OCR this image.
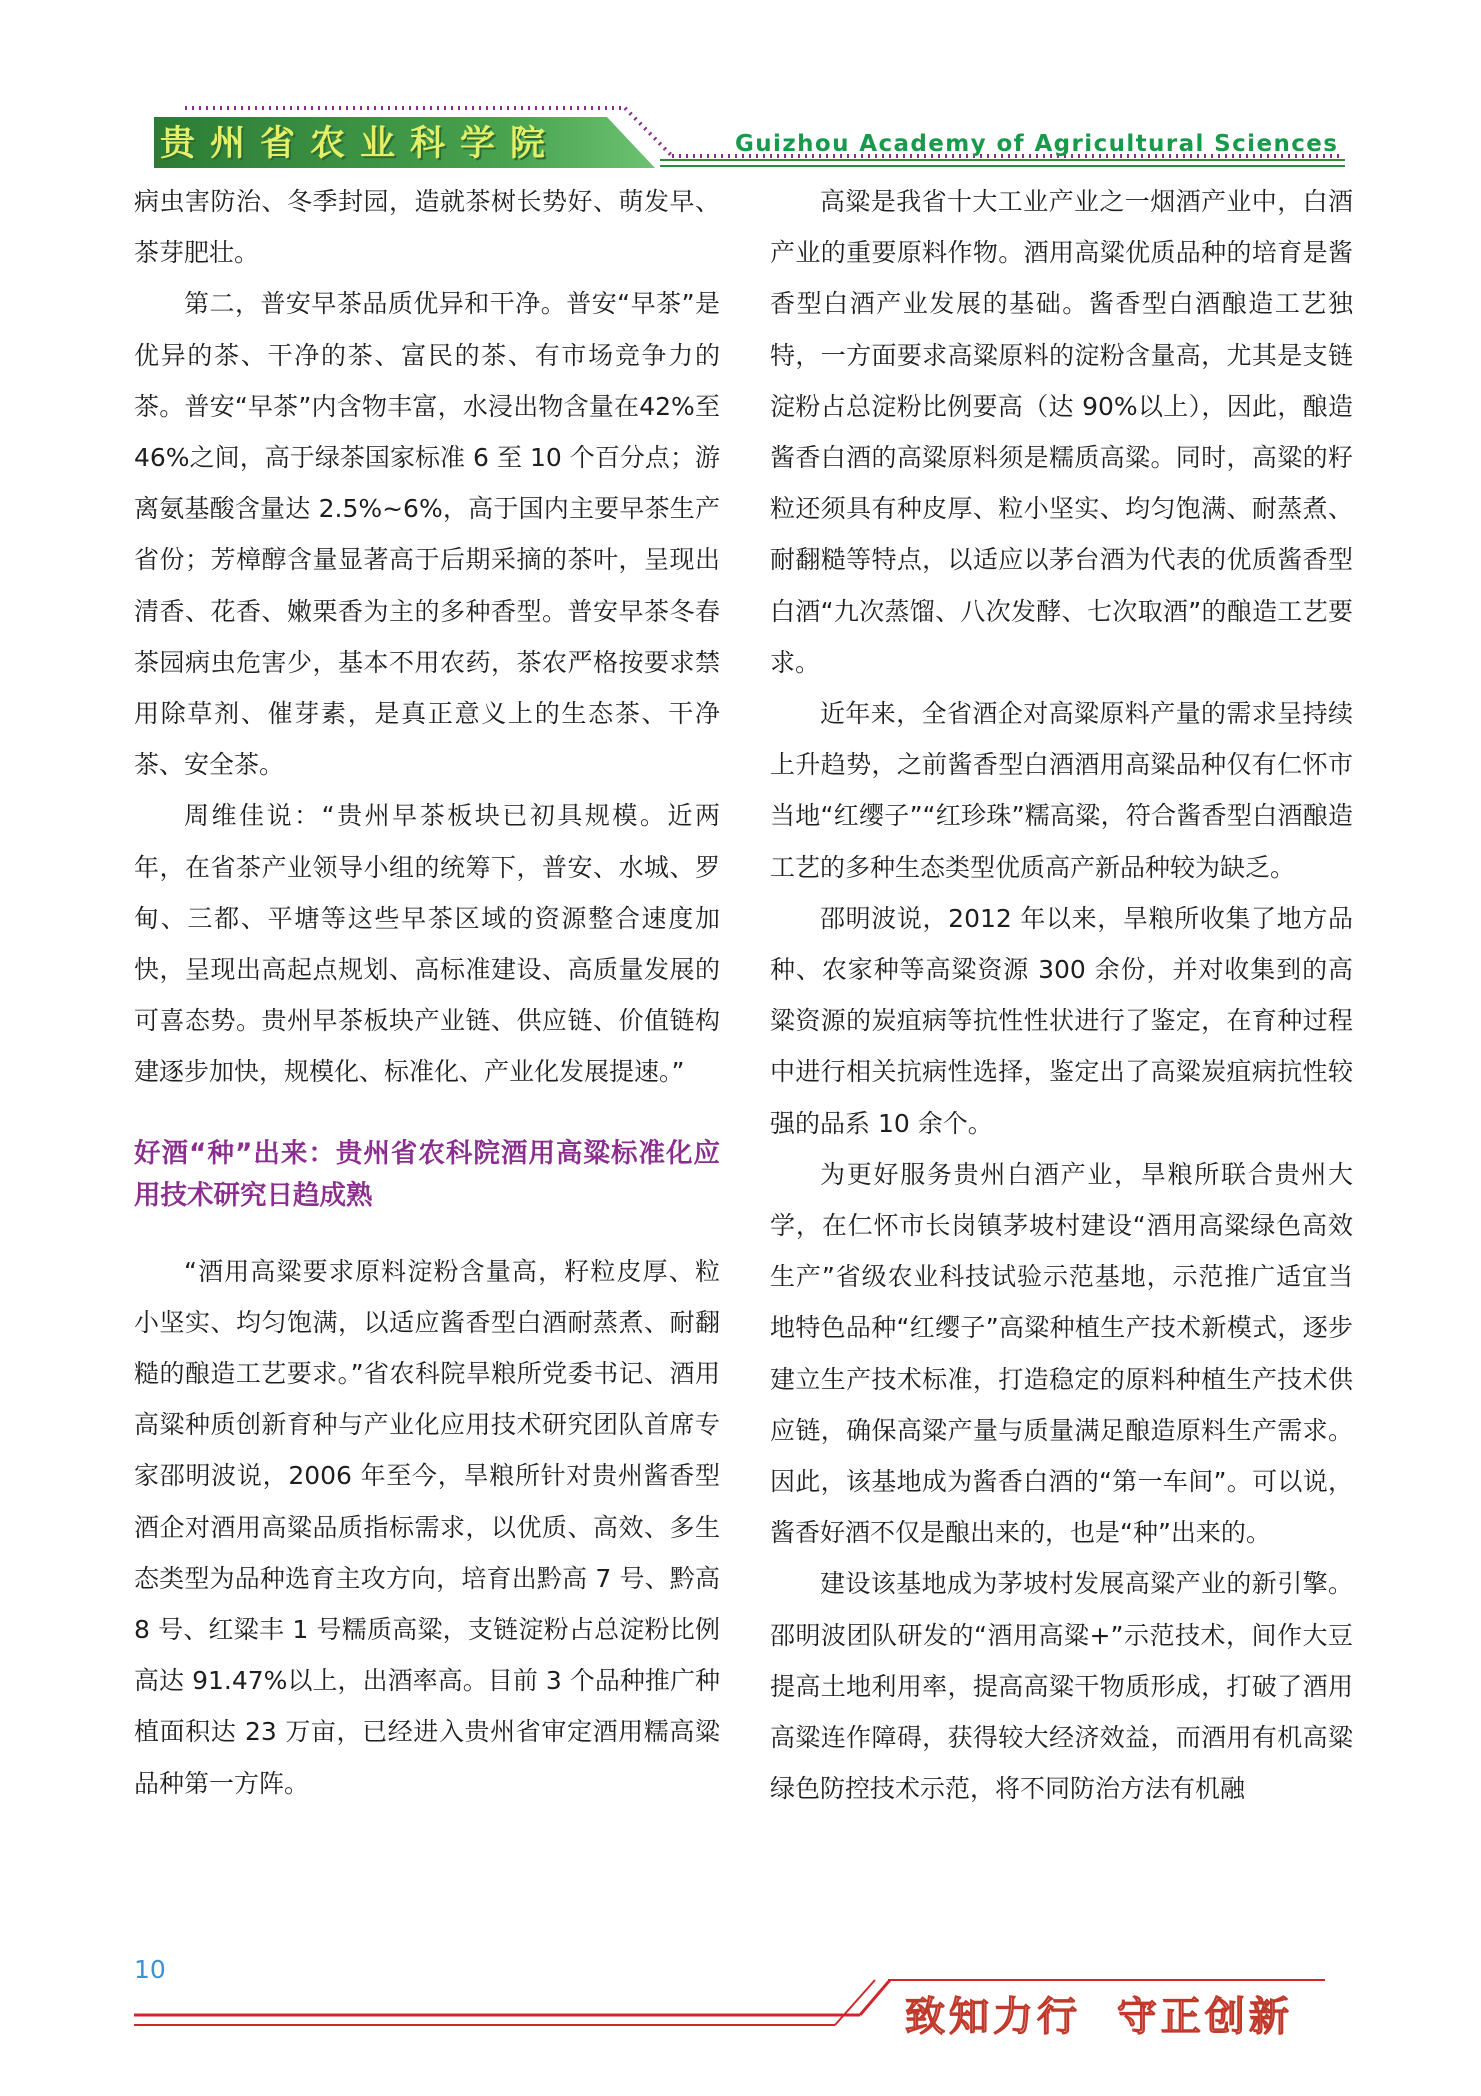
贵州省农业科学院	Guizhou Academy of Agricultural Sciences

病虫害防治、冬季封园，造就茶树长势好、萌发早、茶芽肥壮。

第二，普安早茶品质优异和干净。普安“早茶”是优异的茶、干净的茶、富民的茶、有市场竞争力的茶。普安“早茶”内含物丰富，水浸出物含量在42%至 46%之间，高于绿茶国家标准 6 至 10 个百分点；游离氨基酸含量达 2.5%~6%，高于国内主要早茶生产省份；芳樟醇含量显著高于后期采摘的茶叶，呈现出清香、花香、嫩栗香为主的多种香型。普安早茶冬春茶园病虫危害少，基本不用农药，茶农严格按要求禁用除草剂、催芽素，是真正意义上的生态茶、干净茶、安全茶。

周维佳说：“贵州早茶板块已初具规模。近两年，在省茶产业领导小组的统筹下，普安、水城、罗甸、三都、平塘等这些早茶区域的资源整合速度加快，呈现出高起点规划、高标准建设、高质量发展的可喜态势。贵州早茶板块产业链、供应链、价值链构建逐步加快，规模化、标准化、产业化发展提速。”

好酒“种”出来：贵州省农科院酒用高粱标准化应用技术研究日趋成熟

“酒用高粱要求原料淀粉含量高，籽粒皮厚、粒小坚实、均匀饱满，以适应酱香型白酒耐蒸煮、耐翻糙的酿造工艺要求。”省农科院旱粮所党委书记、酒用高粱种质创新育种与产业化应用技术研究团队首席专家邵明波说，2006 年至今，旱粮所针对贵州酱香型酒企对酒用高粱品质指标需求，以优质、高效、多生态类型为品种选育主攻方向，培育出黔高 7 号、黔高 8 号、红粱丰 1 号糯质高粱，支链淀粉占总淀粉比例高达 91.47%以上，出酒率高。目前 3 个品种推广种植面积达 23 万亩，已经进入贵州省审定酒用糯高粱品种第一方阵。

高粱是我省十大工业产业之一烟酒产业中，白酒产业的重要原料作物。酒用高粱优质品种的培育是酱香型白酒产业发展的基础。酱香型白酒酿造工艺独特，一方面要求高粱原料的淀粉含量高，尤其是支链淀粉占总淀粉比例要高（达 90%以上），因此，酿造酱香白酒的高粱原料须是糯质高粱。同时，高粱的籽粒还须具有种皮厚、粒小坚实、均匀饱满、耐蒸煮、耐翻糙等特点，以适应以茅台酒为代表的优质酱香型白酒“九次蒸馏、八次发酵、七次取酒”的酿造工艺要求。

近年来，全省酒企对高粱原料产量的需求呈持续上升趋势，之前酱香型白酒酒用高粱品种仅有仁怀市当地“红缨子”“红珍珠”糯高粱，符合酱香型白酒酿造工艺的多种生态类型优质高产新品种较为缺乏。

邵明波说，2012 年以来，旱粮所收集了地方品种、农家种等高粱资源 300 余份，并对收集到的高粱资源的炭疽病等抗性性状进行了鉴定，在育种过程中进行相关抗病性选择，鉴定出了高粱炭疽病抗性较强的品系 10 余个。

为更好服务贵州白酒产业，旱粮所联合贵州大学，在仁怀市长岗镇茅坡村建设“酒用高粱绿色高效生产”省级农业科技试验示范基地，示范推广适宜当地特色品种“红缨子”高粱种植生产技术新模式，逐步建立生产技术标准，打造稳定的原料种植生产技术供应链，确保高粱产量与质量满足酿造原料生产需求。因此，该基地成为酱香白酒的“第一车间”。可以说，酱香好酒不仅是酿出来的，也是“种”出来的。

建设该基地成为茅坡村发展高粱产业的新引擎。邵明波团队研发的“酒用高粱+”示范技术，间作大豆提高土地利用率，提高高粱干物质形成，打破了酒用高粱连作障碍，获得较大经济效益，而酒用有机高粱绿色防控技术示范，将不同防治方法有机融

10
致知力行  守正创新
